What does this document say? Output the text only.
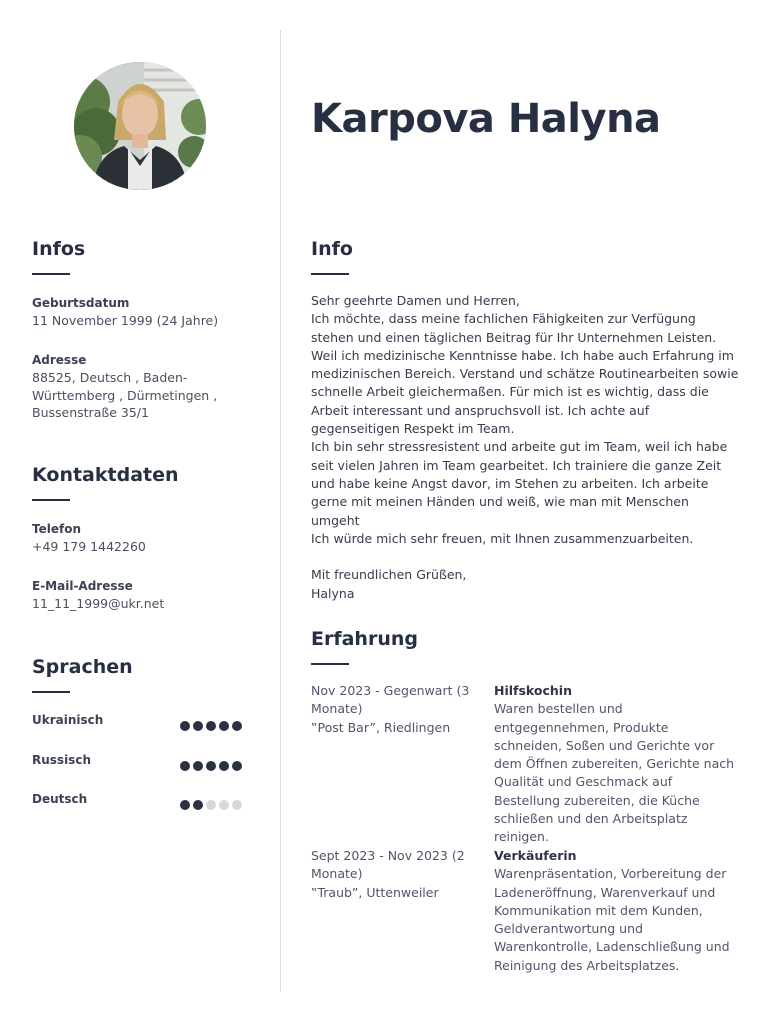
Karpova Halyna
Infos
Geburtsdatum
11 November 1999 (24 Jahre)
Adresse
88525, Deutsch , Baden-Württemberg , Dürmetingen , Bussenstraße 35/1
Kontaktdaten
Telefon
+49 179 1442260
E-Mail-Adresse
11_11_1999@ukr.net
Sprachen
Ukrainisch
Russisch
Deutsch
Info

Sehr geehrte Damen und Herren,

Ich möchte, dass meine fachlichen Fähigkeiten zur Verfügung stehen und einen täglichen Beitrag für Ihr Unternehmen Leisten.

Weil ich medizinische Kenntnisse habe. Ich habe auch Erfahrung im medizinischen Bereich. Verstand und schätze Routinearbeiten sowie schnelle Arbeit gleichermaßen. Für mich ist es wichtig, dass die Arbeit interessant und anspruchsvoll ist. Ich achte auf gegenseitigen Respekt im Team.

Ich bin sehr stressresistent und arbeite gut im Team, weil ich habe seit vielen Jahren im Team gearbeitet. Ich trainiere die ganze Zeit und habe keine Angst davor, im Stehen zu arbeiten. Ich arbeite gerne mit meinen Händen und weiß, wie man mit Menschen umgeht

Ich würde mich sehr freuen, mit Ihnen zusammenzuarbeiten.

Mit freundlichen Grüßen,

Halyna

Erfahrung
Nov 2023 - Gegenwart (3 Monate)
‟Post Bar”, Riedlingen
Hilfskochin
Waren bestellen und entgegennehmen, Produkte schneiden, Soßen und Gerichte vor dem Öffnen zubereiten, Gerichte nach Qualität und Geschmack auf Bestellung zubereiten, die Küche schließen und den Arbeitsplatz reinigen.
Sept 2023 - Nov 2023 (2 Monate)
‟Traub”, Uttenweiler
Verkäuferin
Warenpräsentation, Vorbereitung der Ladeneröffnung, Warenverkauf und Kommunikation mit dem Kunden, Geldverantwortung und Warenkontrolle, Ladenschließung und Reinigung des Arbeitsplatzes.
